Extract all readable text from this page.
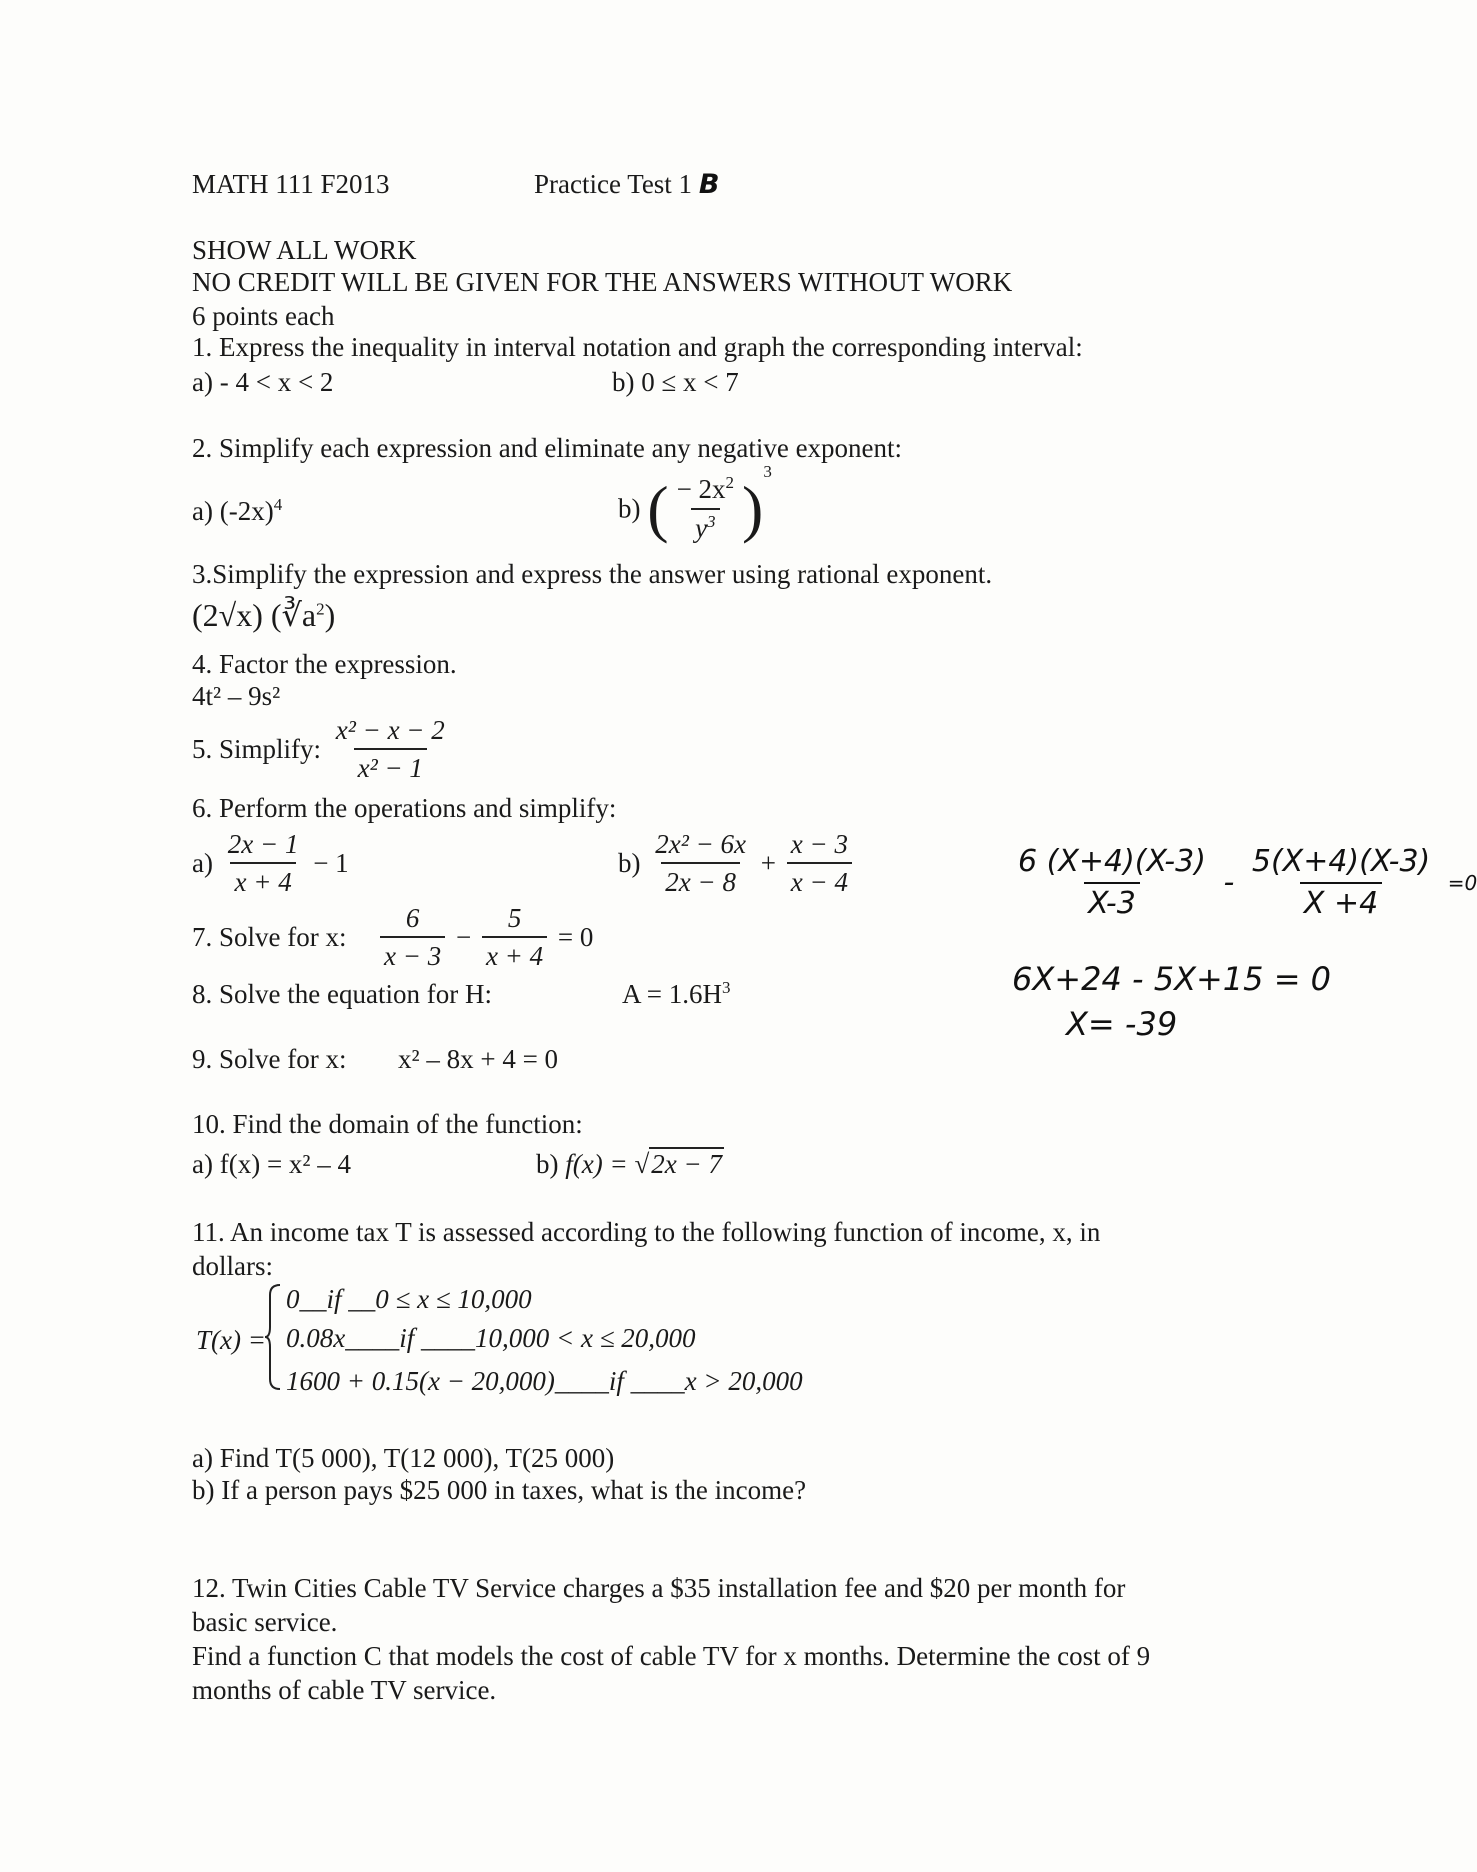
MATH 111 F2013	Practice Test 1 B
SHOW ALL WORK
NO CREDIT WILL BE GIVEN FOR THE ANSWERS WITHOUT WORK
6 points each
1. Express the inequality in interval notation and graph the corresponding interval:
a) - 4 < x < 2	b) 0 ≤ x < 7
2. Simplify each expression and eliminate any negative exponent:
a) $(-2x)^4$	b) ( $\frac{- 2x^2}{y^3} )^3$
3.Simplify the expression and express the answer using rational exponent.
(2√x) $(∛a^2)$
4. Factor the expression.
4t² – 9s²
5. Simplify: $\frac{\text{x² − x − 2}}{\text{x² − 1}}$
6. Perform the operations and simplify:
$a) \frac{2x - 1}{x + 4} - 1$	$b) \frac{\text{2x² − 6x}}{2x - 8} + \frac{x - 3}{x - 4}$
7. Solve for x: $\frac{6}{x - 3} - \frac{5}{x + 4} = 0$
8. Solve the equation for H:	$A = 1.6H^3$
9. Solve for x: x² – 8x + 4 = 0
10. Find the domain of the function:
a) f(x) = x² – 4	b) f(x) = √2x − 7
11. An income tax T is assessed according to the following function of income, x, in
dollars:
T(x) =
0__if __0 ≤ x ≤ 10,000
0.08x____if ____10,000 < x ≤ 20,000
1600 + 0.15(x − 20,000)____if ____x > 20,000
a) Find T(5 000), T(12 000), T(25 000)
b) If a person pays $25 000 in taxes, what is the income?
12. Twin Cities Cable TV Service charges a $35 installation fee and $20 per month for
basic service.
Find a function C that models the cost of cable TV for x months. Determine the cost of 9
months of cable TV service.
$\frac{6 (X+4)(X-3)}{X-3} - \frac{5(X+4)(X-3)}{X +4} =0$
6X+24 - 5X+15 = 0
X= -39
